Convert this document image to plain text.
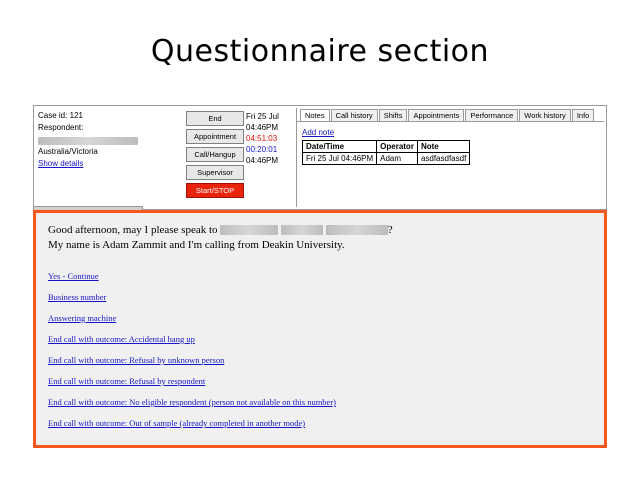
Questionnaire section
Case id: 121
Respondent:
Australia/Victoria
Show details
End
Appointment
Call/Hangup
Supervisor
Start/STOP
Fri 25 Jul
04:46PM
04:51:03
00:20:01
04:46PM
Notes	Call history	Shifts	Appointments	Performance	Work history	Info
Add note
Date/Time	Operator	Note
Fri 25 Jul 04:46PM	Adam	asdfasdfasdf
Good afternoon, may I please speak to	?
My name is Adam Zammit and I'm calling from Deakin University.
Yes - Continue
Business number
Answering machine
End call with outcome: Accidental hang up
End call with outcome: Refusal by unknown person
End call with outcome: Refusal by respondent
End call with outcome: No eligible respondent (person not available on this number)
End call with outcome: Out of sample (already completed in another mode)
